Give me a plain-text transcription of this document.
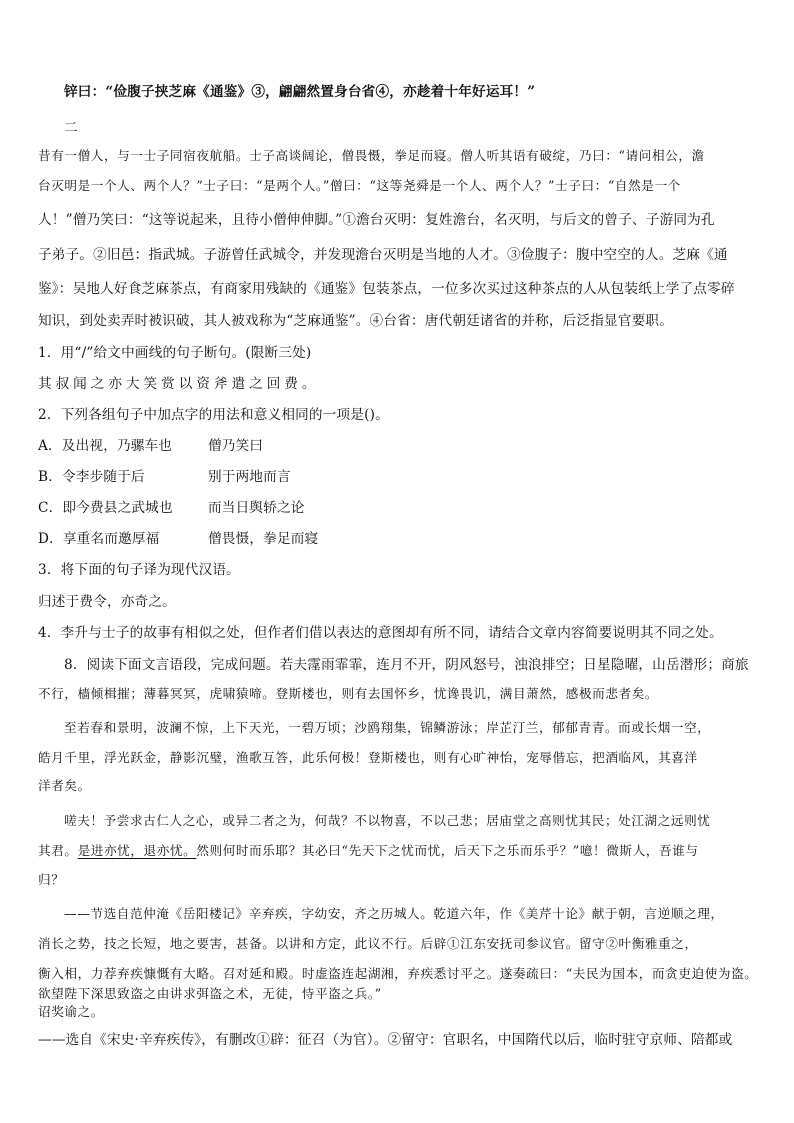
锌曰：“俭腹子挟芝麻《通鉴》③，翩翩然置身台省④，亦趁着十年好运耳！”
二
昔有一僧人，与一士子同宿夜航船。士子高谈阔论，僧畏慑，拳足而寝。僧人听其语有破绽，乃曰：“请问相公，澹
台灭明是一个人、两个人？”士子曰：“是两个人。”僧曰：“这等尧舜是一个人、两个人？”士子曰：“自然是一个
人！”僧乃笑曰：“这等说起来，且待小僧伸伸脚。”①澹台灭明：复姓澹台，名灭明，与后文的曾子、子游同为孔
子弟子。②旧邑：指武城。子游曾任武城令，并发现澹台灭明是当地的人才。③俭腹子：腹中空空的人。芝麻《通
鉴》：吴地人好食芝麻茶点，有商家用残缺的《通鉴》包装茶点，一位多次买过这种茶点的人从包装纸上学了点零碎
知识，到处卖弄时被识破，其人被戏称为“芝麻通鉴”。④台省：唐代朝廷诸省的并称，后泛指显官要职。
1．用“/”给文中画线的句子断句。(限断三处)
其叔闻之亦大笑赏以资斧遣之回费。
2．下列各组句子中加点字的用法和意义相同的一项是()。
A．及出视，乃骡车也	僧乃笑曰
B．令李步随于后	别于两地而言
C．即今费县之武城也	而当日舆轿之论
D．享重名而邀厚福	僧畏慑，拳足而寝
3．将下面的句子译为现代汉语。
归述于费令，亦奇之。
4．李升与士子的故事有相似之处，但作者们借以表达的意图却有所不同，请结合文章内容简要说明其不同之处。
8．阅读下面文言语段，完成问题。若夫霪雨霏霏，连月不开，阴风怒号，浊浪排空；日星隐曜，山岳潜形；商旅
不行，樯倾楫摧；薄暮冥冥，虎啸猿啼。登斯楼也，则有去国怀乡，忧谗畏讥，满目萧然，感极而悲者矣。
至若春和景明，波澜不惊，上下天光，一碧万顷；沙鸥翔集，锦鳞游泳；岸芷汀兰，郁郁青青。而或长烟一空，
皓月千里，浮光跃金，静影沉璧，渔歌互答，此乐何极！登斯楼也，则有心旷神怡，宠辱偕忘，把酒临风，其喜洋
洋者矣。
嗟夫！予尝求古仁人之心，或异二者之为，何哉？不以物喜，不以己悲；居庙堂之高则忧其民；处江湖之远则忧
其君。是进亦忧，退亦忧。然则何时而乐耶？其必曰“先天下之忧而忧，后天下之乐而乐乎？”噫！微斯人，吾谁与
归？
——节选自范仲淹《岳阳楼记》辛弃疾，字幼安，齐之历城人。乾道六年，作《美芹十论》献于朝，言逆顺之理，
消长之势，技之长短，地之要害，甚备。以讲和方定，此议不行。后辟①江东安抚司参议官。留守②叶衡雅重之，
衡入相，力荐弃疾慷慨有大略。召对延和殿。时虚盗连起湖湘，弃疾悉讨平之。遂奏疏曰：“夫民为国本，而贪吏迫使为盗。欲望陛下深思致盗之由讲求弭盗之术，无徒，恃平盗之兵。”
诏奖谕之。
——选自《宋史·辛弃疾传》，有删改①辟：征召（为官）。②留守：官职名，中国隋代以后，临时驻守京师、陪都或
